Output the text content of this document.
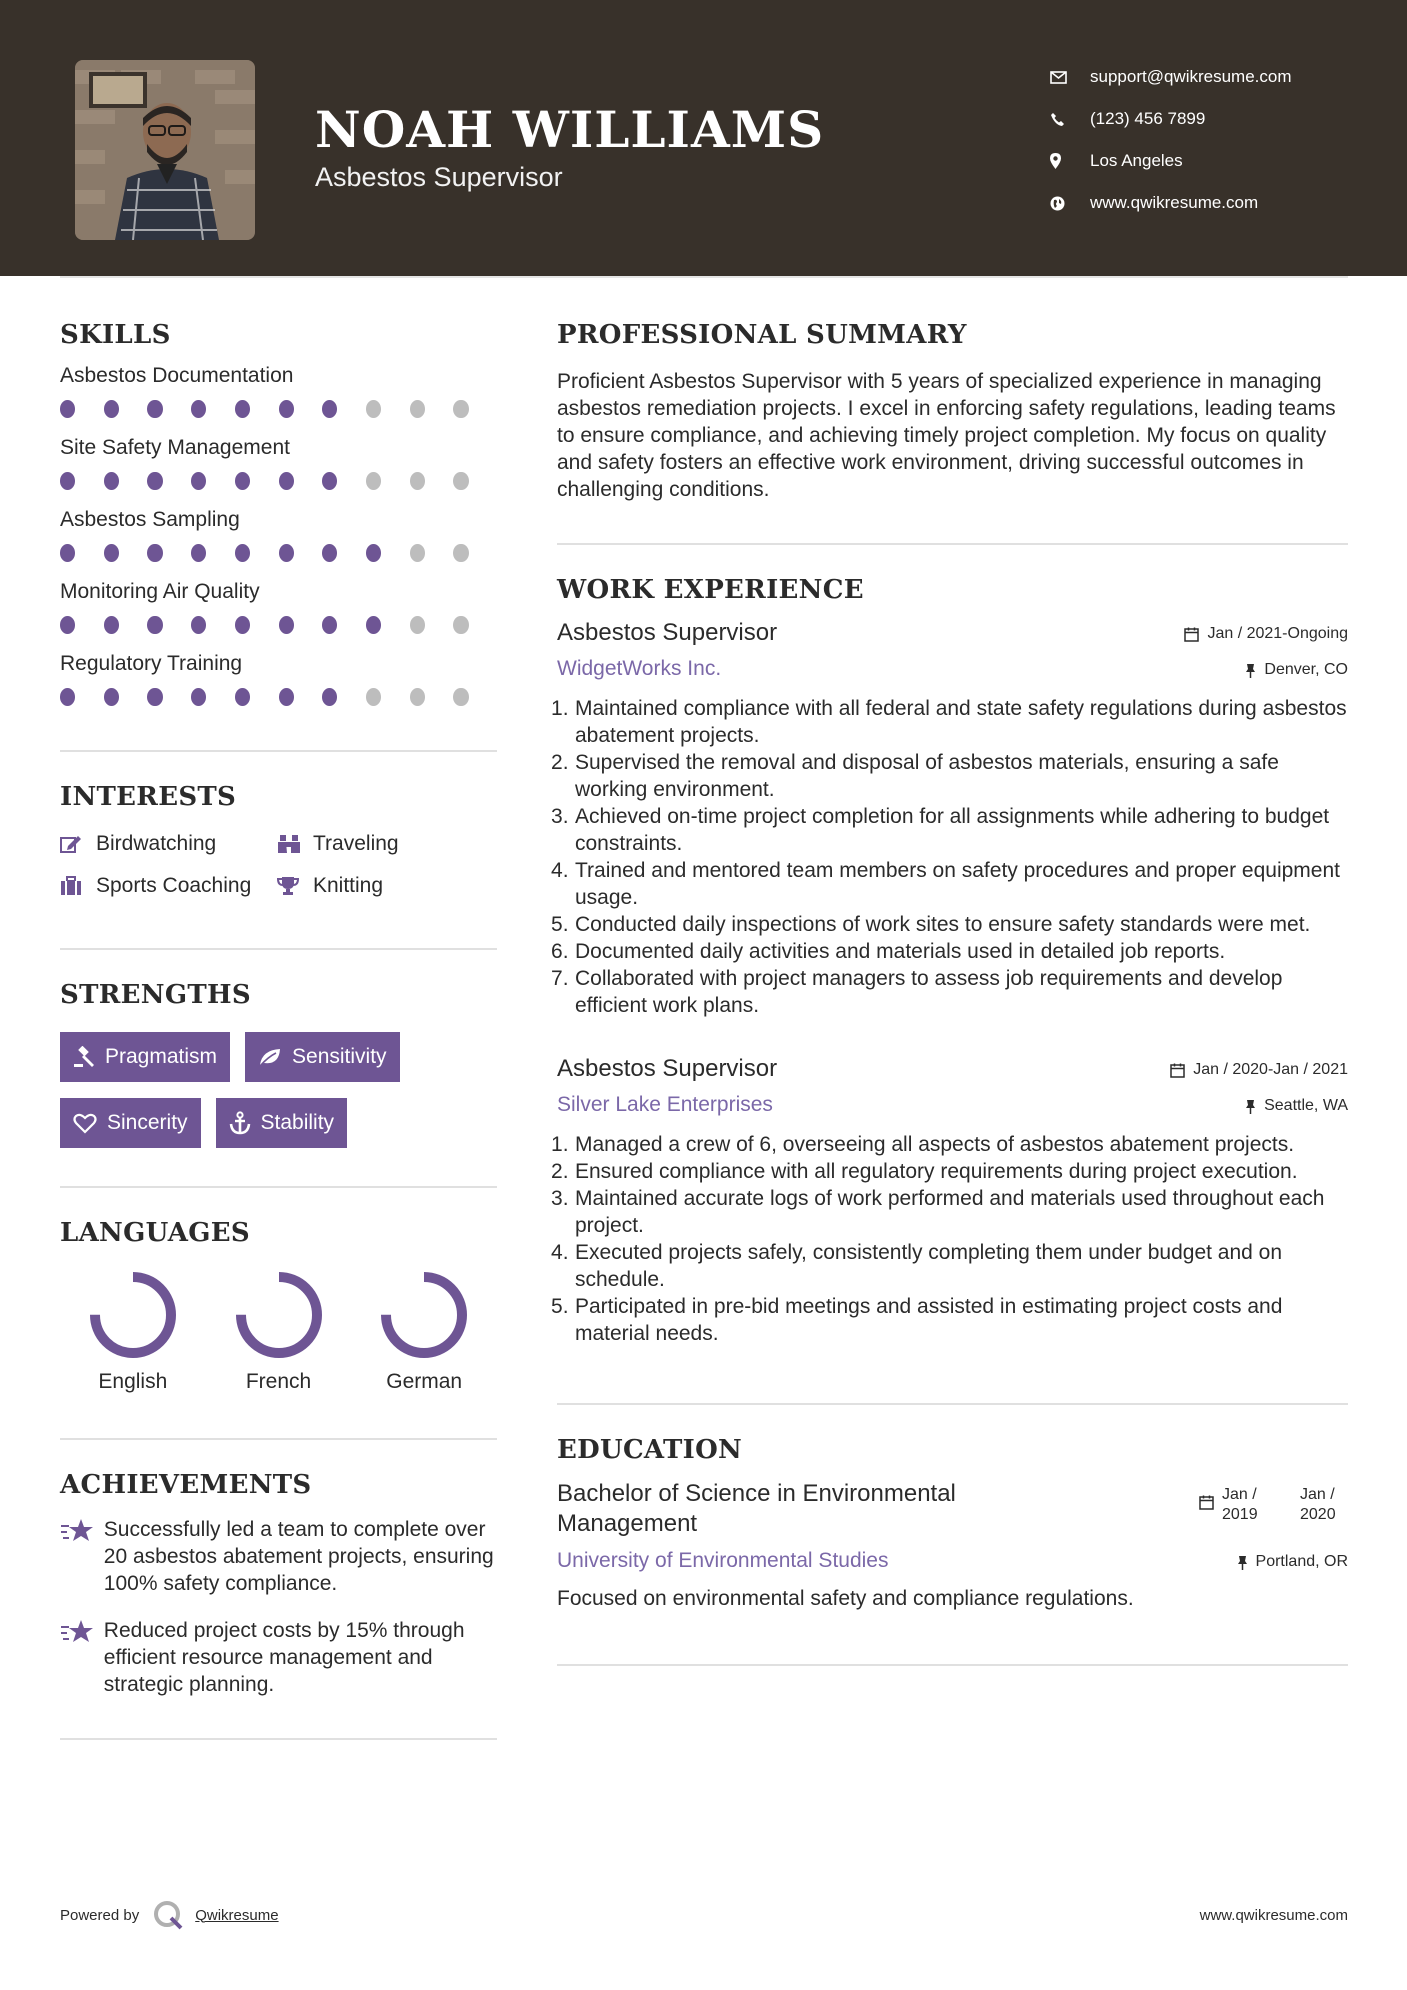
NOAH WILLIAMS
Asbestos Supervisor
support@qwikresume.com
(123) 456 7899
Los Angeles
www.qwikresume.com
SKILLS
Asbestos Documentation
Site Safety Management
Asbestos Sampling
Monitoring Air Quality
Regulatory Training
INTERESTS
Birdwatching	Traveling
Sports Coaching	Knitting
STRENGTHS
Pragmatism	Sensitivity
Sincerity	Stability
LANGUAGES
English	French	German
ACHIEVEMENTS
Successfully led a team to complete over 20 asbestos abatement projects, ensuring 100% safety compliance.
Reduced project costs by 15% through efficient resource management and strategic planning.
PROFESSIONAL SUMMARY

Proficient Asbestos Supervisor with 5 years of specialized experience in managing asbestos remediation projects. I excel in enforcing safety regulations, leading teams to ensure compliance, and achieving timely project completion. My focus on quality and safety fosters an effective work environment, driving successful outcomes in challenging conditions.

WORK EXPERIENCE
Asbestos Supervisor	Jan / 2021-Ongoing
WidgetWorks Inc.	Denver, CO
Maintained compliance with all federal and state safety regulations during asbestos abatement projects.
Supervised the removal and disposal of asbestos materials, ensuring a safe working environment.
Achieved on-time project completion for all assignments while adhering to budget constraints.
Trained and mentored team members on safety procedures and proper equipment usage.
Conducted daily inspections of work sites to ensure safety standards were met.
Documented daily activities and materials used in detailed job reports.
Collaborated with project managers to assess job requirements and develop efficient work plans.
Asbestos Supervisor	Jan / 2020-Jan / 2021
Silver Lake Enterprises	Seattle, WA
Managed a crew of 6, overseeing all aspects of asbestos abatement projects.
Ensured compliance with all regulatory requirements during project execution.
Maintained accurate logs of work performed and materials used throughout each project.
Executed projects safely, consistently completing them under budget and on schedule.
Participated in pre-bid meetings and assisted in estimating project costs and material needs.
EDUCATION
Bachelor of Science in Environmental Management
Jan / 2019
Jan / 2020
University of Environmental Studies	Portland, OR

Focused on environmental safety and compliance regulations.

Powered by	Qwikresume	www.qwikresume.com
